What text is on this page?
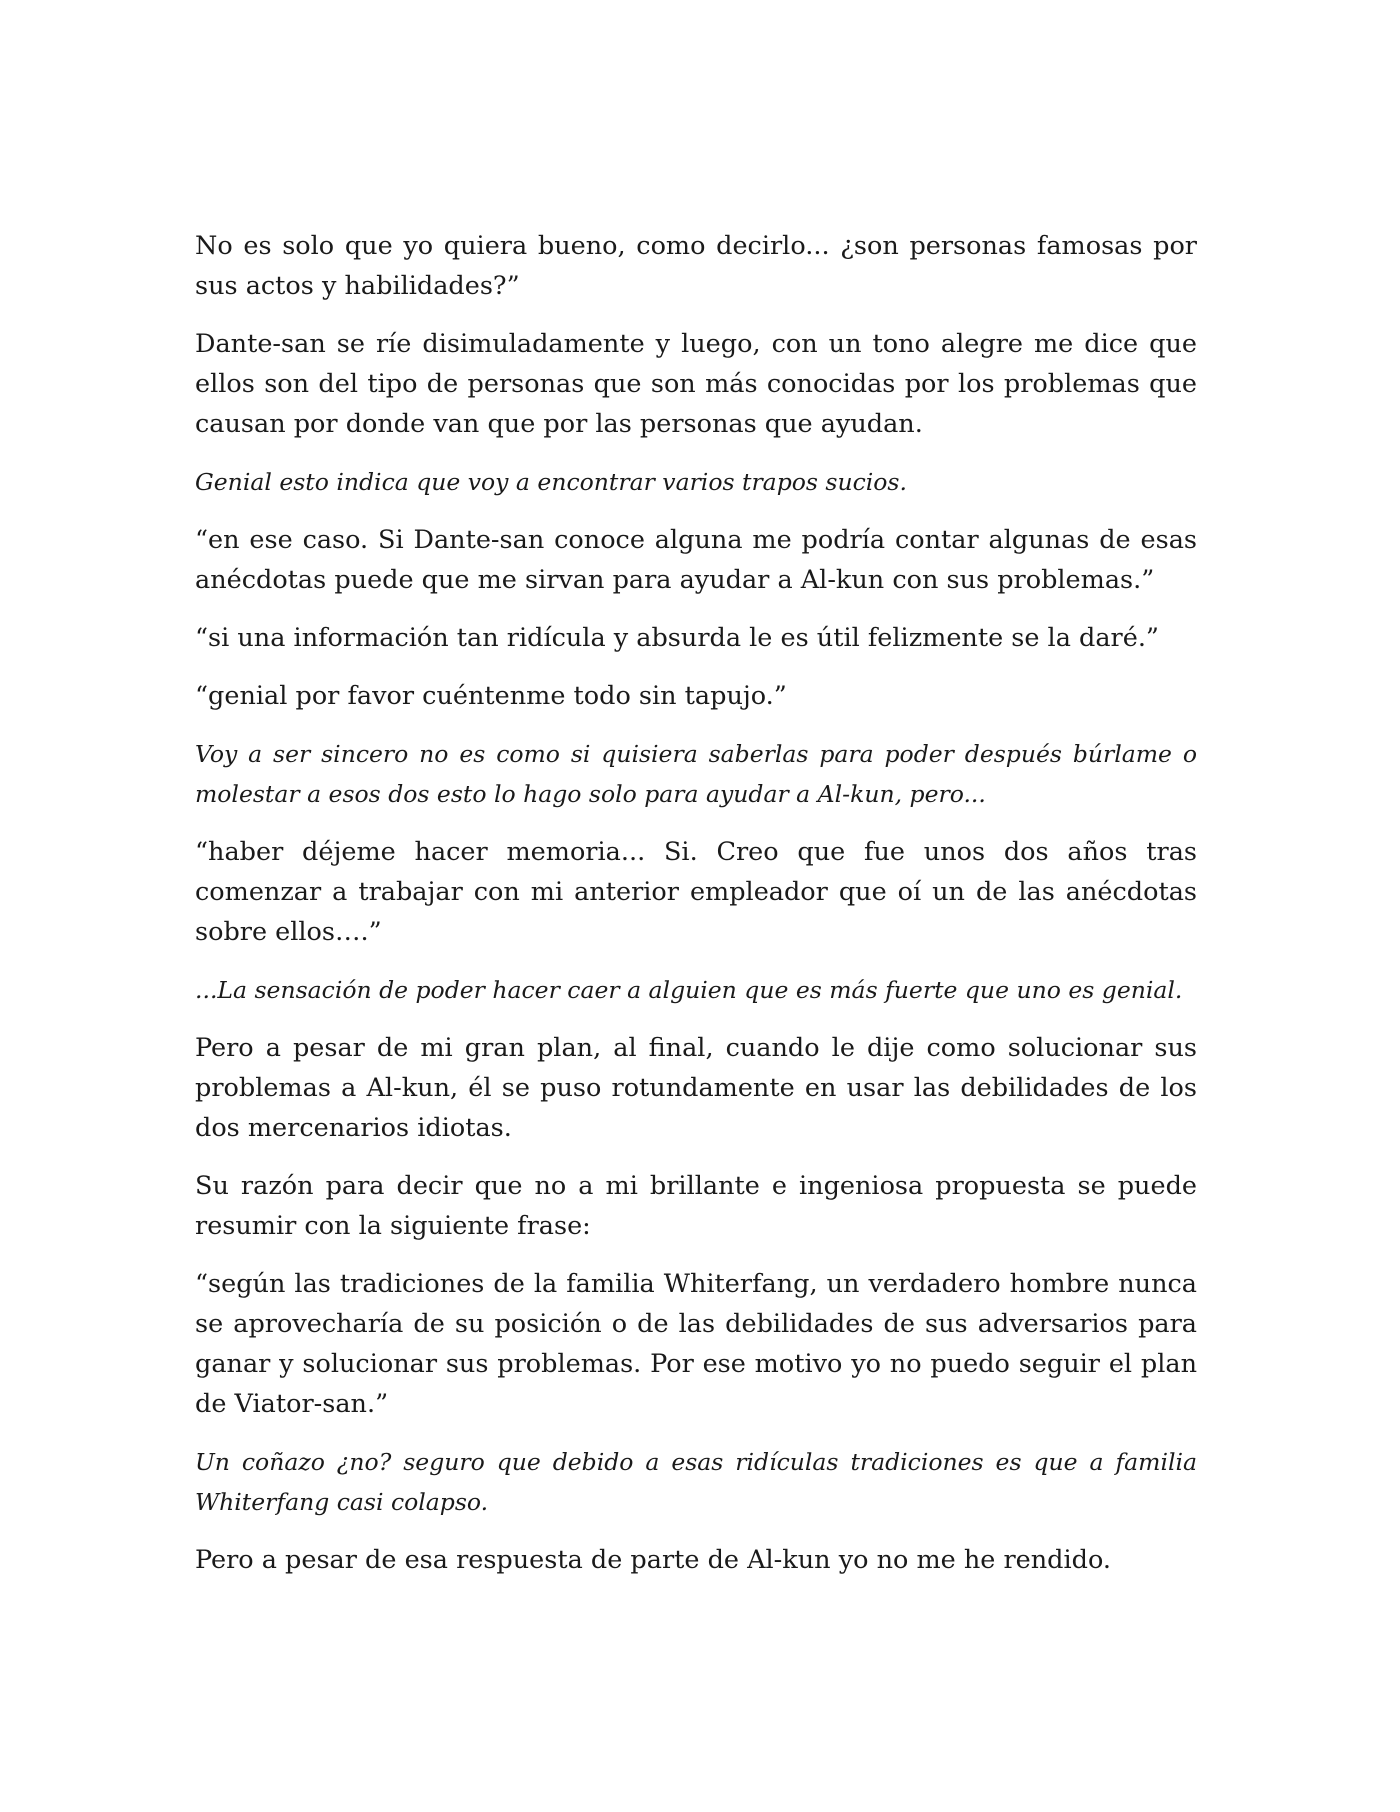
No es solo que yo quiera bueno, como decirlo... ¿son personas famosas por sus actos y habilidades?”

Dante-san se ríe disimuladamente y luego, con un tono alegre me dice que ellos son del tipo de personas que son más conocidas por los problemas que causan por donde van que por las personas que ayudan.

Genial esto indica que voy a encontrar varios trapos sucios.

“en ese caso. Si Dante-san conoce alguna me podría contar algunas de esas anécdotas puede que me sirvan para ayudar a Al-kun con sus problemas.”

“si una información tan ridícula y absurda le es útil felizmente se la daré.”

“genial por favor cuéntenme todo sin tapujo.”

Voy a ser sincero no es como si quisiera saberlas para poder después búrlame o molestar a esos dos esto lo hago solo para ayudar a Al-kun, pero...

“haber déjeme hacer memoria... Si. Creo que fue unos dos años tras comenzar a trabajar con mi anterior empleador que oí un de las anécdotas sobre ellos….”

...La sensación de poder hacer caer a alguien que es más fuerte que uno es genial.

Pero a pesar de mi gran plan, al final, cuando le dije como solucionar sus problemas a Al-kun, él se puso rotundamente en usar las debilidades de los dos mercenarios idiotas.

Su razón para decir que no a mi brillante e ingeniosa propuesta se puede resumir con la siguiente frase:

“según las tradiciones de la familia Whiterfang, un verdadero hombre nunca se aprovecharía de su posición o de las debilidades de sus adversarios para ganar y solucionar sus problemas. Por ese motivo yo no puedo seguir el plan de Viator-san.”

Un coñazo ¿no? seguro que debido a esas ridículas tradiciones es que a familia Whiterfang casi colapso.

Pero a pesar de esa respuesta de parte de Al-kun yo no me he rendido.
